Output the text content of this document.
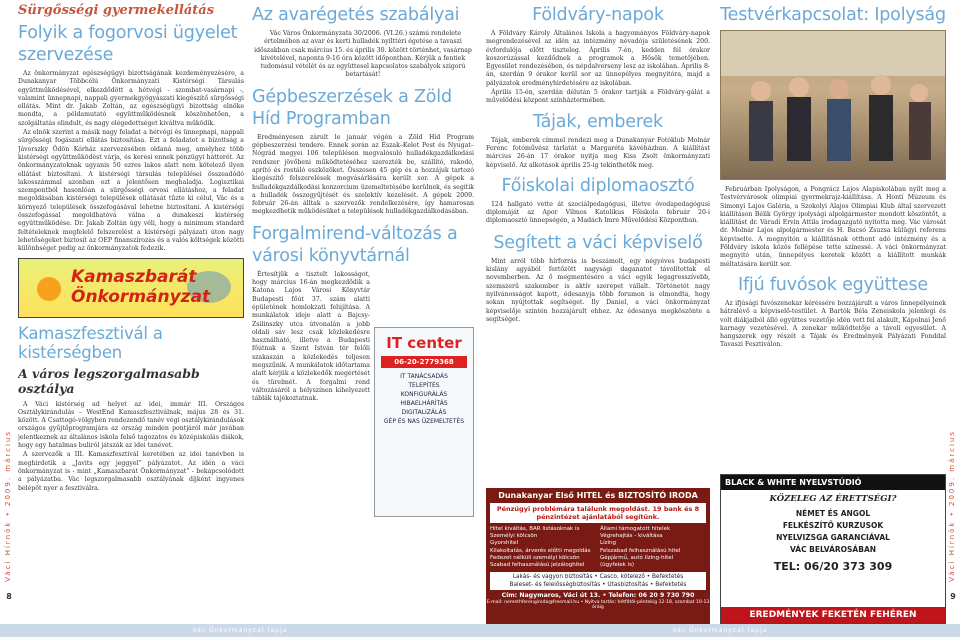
Váci Hírnök • 2009. március
8
Váci Hírnök • 2009. március
9
Sürgősségi gyermekellátás
Folyik a fogorvosi ügyelet szervezése

Az önkormányzat egészségügyi bizottságának kezdeményezésére, a Dunakanyar Többcélú Önkormányzati Kistérségi Társulás együttműködésével, elkezdődött a hétvégi - szombat-vasárnapi -, valamint ünnepnapi, nappali gyermekgyógyászati kiegészítő sürgősségi ellátás. Mint dr. Jakab Zoltán, az egészségügyi bizottság elnöke mondta, a példamutató együttműködésnek köszönhetően, a szolgáltatás elindult, és nagy elégedettséget kiváltva működik.

Az elnök szerint a másik nagy feladat a hétvégi és ünnepnapi, nappali sürgősségi fogászati ellátás biztosítása. Ezt a feladatot a bizottság a Jávorszky Ödön Kórház szervezésében oldaná meg, amelyhez több kistérségi együttműködést várja, és keresi ennek pénzügyi hátterét. Az önkormányzatoknak ugyanis 50 ezres lakos alatt nem kötelező ilyen ellátást biztosítani. A kistérségi társulás települései összeadódó lakosszámmal azonban ezt a jelentősen meghaladja. Logisztikai szempontból hasonlóan a sürgősségi orvosi ellátáshoz, a feladat megoldásában kistérségi települések ellátását tűzte ki célul, Vác és a környező települések összefogásával lehetne biztosítani. A kistérségi összefogással megoldhatóvá válna a dunakeszi kistérség együttműködése. Dr. Jakab Zoltán úgy véli, hogy a minimum standard feltételeknek megfelelő felszerelést a kistérségi pályázati úton nagy lehetőségeket biztosít az OEP finanszírozás és a valós költségek közötti különbséget pedig az önkormányzatok fedezik.

Kamaszbarát
Önkormányzat
Kamaszfesztivál a kistérségben
A város legszorgalmasabb osztálya

A Váci kistérség ad helyet az idei, immár III. Országos Osztálykirándulás – WestEnd Kamaszfesztiválnak, május 28 és 31. között. A Csattogó-völgyben rendezendő tanév végi osztálykirándulások országos gyűjtőprogramjára az ország minden pontjáról már javában jelentkeznek az általános iskola felső tagozatos és középiskolás diákok, hogy egy hatalmas buliról játszák az idei tanévet.

A szervezők a III. Kamaszfesztivál keretében az idei tanévben is meghirdetik a „Javits egy jeggyel” pályázatot. Az idén a váci önkormányzat is - mint „Kamaszbarát Önkormányzat” - bekapcsolódott a pályázatba. Vác legszorgalmasabb osztályának díjként ingyenes belépőt nyer a fesztiválra.

Az avarégetés szabályai

Vác Város Önkormányzata 30/2006. (VI.26.) számú rendelete értelmében az avar és kerti hulladék nyílttéri égetése a tavaszi időszakban csak március 15. és április 30. között történhet, vasárnap kivételével, naponta 9-16 óra között időpontban. Kérjük a fentiek tudomásul vételét és az együttesel kapcsolatos szabályok szigorú betartását!

Gépbeszerzések a Zöld Híd Programban

Eredményesen zárult le január végén a Zöld Híd Program gépbeszerzési tendere. Ennek során az Észak–Kelet Pest és Nyugat–Nógrád megyei 106 településen megvalósuló hulladékgazdálkodási rendszer jövőbeni működtetéséhez szerezték be, szállító, rakodó, aprító és rostáló eszközöket. Összesen 45 gép és a hozzájuk tartozó kiegészítő felszerelések megvásárlására került sor. A gépek a hulladékgazdálkodási konzorcium üzemeltetésébe kerülnek, és segítik a hulladék összegyűjtését és szelektív kezelését. A gépek 2009. február 26-án álltak a szervezők rendelkezésére, így hamarosan megkezdhetik működésüket a települések hulladékgazdálkodásában.

Forgalmirend-változás a városi könyvtárnál

Értesítjük a tisztelt lakosságot, hogy március 16-án megkezdődik a Katona Lajos Városi Könyvtár Budapesti főút 37. szám alatti épületének homlokzati felújítása. A munkálatok ideje alatt a Bajcsy-Zsilinszky utca útvonalán a jobb oldali sáv lesz csak közlekedésre használható, illetve a Budapesti főútnak a Szent István tér felőli szakaszán a közlekedés teljesen megszűnik. A munkálatok időtartama alatt kérjük a közlekedők megértését és türelmét. A forgalmi rend változásáról a helyszínen kihelyezett táblák tájékoztatnak.

IT center
06-20-2779368
IT TANÁCSADÁS
TELEPÍTÉS
KONFIGURÁLÁS
HIBAELHÁRÍTÁS
DIGITALIZÁLÁS
GÉP ÉS NAS ÜZEMELTETÉS
Földváry-napok

A Földváry Károly Általános Iskola a hagyományos Földváry-napok megrendezésével az idén az intézmény névadója születésének 200. évfordulója előtt tiszteleg. Április 7-én, kedden fél órakor koszorúzással kezdődnek a programok a Hősök temetőjében. Egyesület rendezésében, és népdalverseny lesz az iskolában. Április 8-án, szerdán 9 órakor kerül sor az ünnepélyes megnyitóra, majd a pályázatok eredményhirdetésére az iskolában.

Április 15-én, szerdán délután 5 órakor tartják a Földváry-gálát a művelődési központ színháztermében.

Tájak, emberek

Tájak, emberek címmel rendezi meg a Dunakanyar Fotóklub Molnár Ferenc fotóművész tárlatát a Margaréta kávéházban. A kiállítást március 26-án 17 órakor nyitja meg Kiss Zsolt önkormányzati képviselő. Az alkotások április 25-ig tekinthetők meg.

Főiskolai diplomaosztó

124 hallgató vette át szociálpedagógusi, illetve óvodapedagógusi diplomáját az Apor Vilmos Katolikus Főiskola február 20-i diplomaosztó ünnepségén, a Madách Imre Művelődési Központban.

Segített a váci képviselő

Mint arról több hírforrás is beszámolt, egy négyéves budapesti kislány agyából fertőzött nagysági daganatot távolítottak el novemberben. Az ő megmentésére a váci egyik legagresszívebb, szemszerű szakember is aktív szerepet vállalt. Történetét nagy nyilvánosságot kapott, édesanyja több forumon is elmondta, hogy sokan nyújtottak segítséget. Ily Daniel, a váci önkormányzat képviselője szintén hozzájárult ehhez. Az édesanya megköszönte a segítséget.

Dunakanyar Első HITEL és BIZTOSÍTÓ IRODA
Pénzügyi problémára találunk megoldást. 19 bank és 8 pénzintézet ajánlatából segítünk.
Hitel kiváltás, BAR listásoknak is
Személyi kölcsön
Gyorshitel
Kilakoltatás, árverés előtti megoldás
Fedezet nélküli személyi kölcsön
Szabad felhasználású jelzáloghitel
Állami támogatott hitelek
Végrehajtás - kiváltása
Lízing
Felszabad felhasználású hitel
Gépjármű, autó lízing-hitel
(ügyfelek is)
Lakás- és vagyon biztosítás • Casco, kötelező • Befektetés
Baleset- és felelősségbiztosítás • Utasbiztosítás • Befektetés
Cím: Nagymaros, Váci út 13. • Telefon: 06 20 9 730 790
E-mail: nemethferengiroda@freemail.hu • Nyitva tartás: hétfőtől-péntekig 12-18, szombat 10-13 óráig
Testvérkapcsolat: Ipolyság

Februárban Ipolyságon, a Pongrácz Lajos Alapiskolában nyílt meg a Testvérvárosok olimpiai gyermekrajz-kiállítása. A Hontí Múzeum és Simonyi Lajos Galéria, a Szokolyi Alajos Olimpiai Klub által szervezett kiállításon Bélik György ipolysági alpolgármester mondott köszöntőt, a kiállítást dr. Váradi Ervin Attila irodagazgató nyitotta meg. Vác városát dr. Molnár Lajos alpolgármester és H. Bacsó Zsuzsa külügyi referens képviselte. A megnyitón a kiállításnak otthont adó intézmény és a Földváry iskola közös fellépése tette színessé. A váci önkormányzat megnyitó után, ünnepélyes keretek között a kiállított munkák méltatására került sor.

Ifjú fuvósok együttese

Az ifjúsági fuvószenekar kéréssére bozzájárult a város ünnepélyeinek hátralévő a képviselő-testület. A Bartók Béla Zeneiskola jelenlegi és volt diákjaiból álló együttes vezetője idén vett fel alakult, Kápolnai Jenő karnagy vezetésével. A zenekar működtetője a távoli egyesület. A hangszerek egy részét a Tájak és Eredmények Pályázati Fonddal Tavaszi Fesztiválon.

BLACK & WHITE NYELVSTÚDIÓ
KÖZELEG AZ ÉRETTSÉGI?
NÉMET ÉS ANGOL
FELKÉSZÍTŐ KURZUSOK
NYELVIZSGA GARANCIÁVAL
VÁC BELVÁROSÁBAN
TEL: 06/20 373 309
EREDMÉNYEK FEKETÉN FEHÉREN
Vác Önkormányzat lapja	Vác Önkormányzat lapja
